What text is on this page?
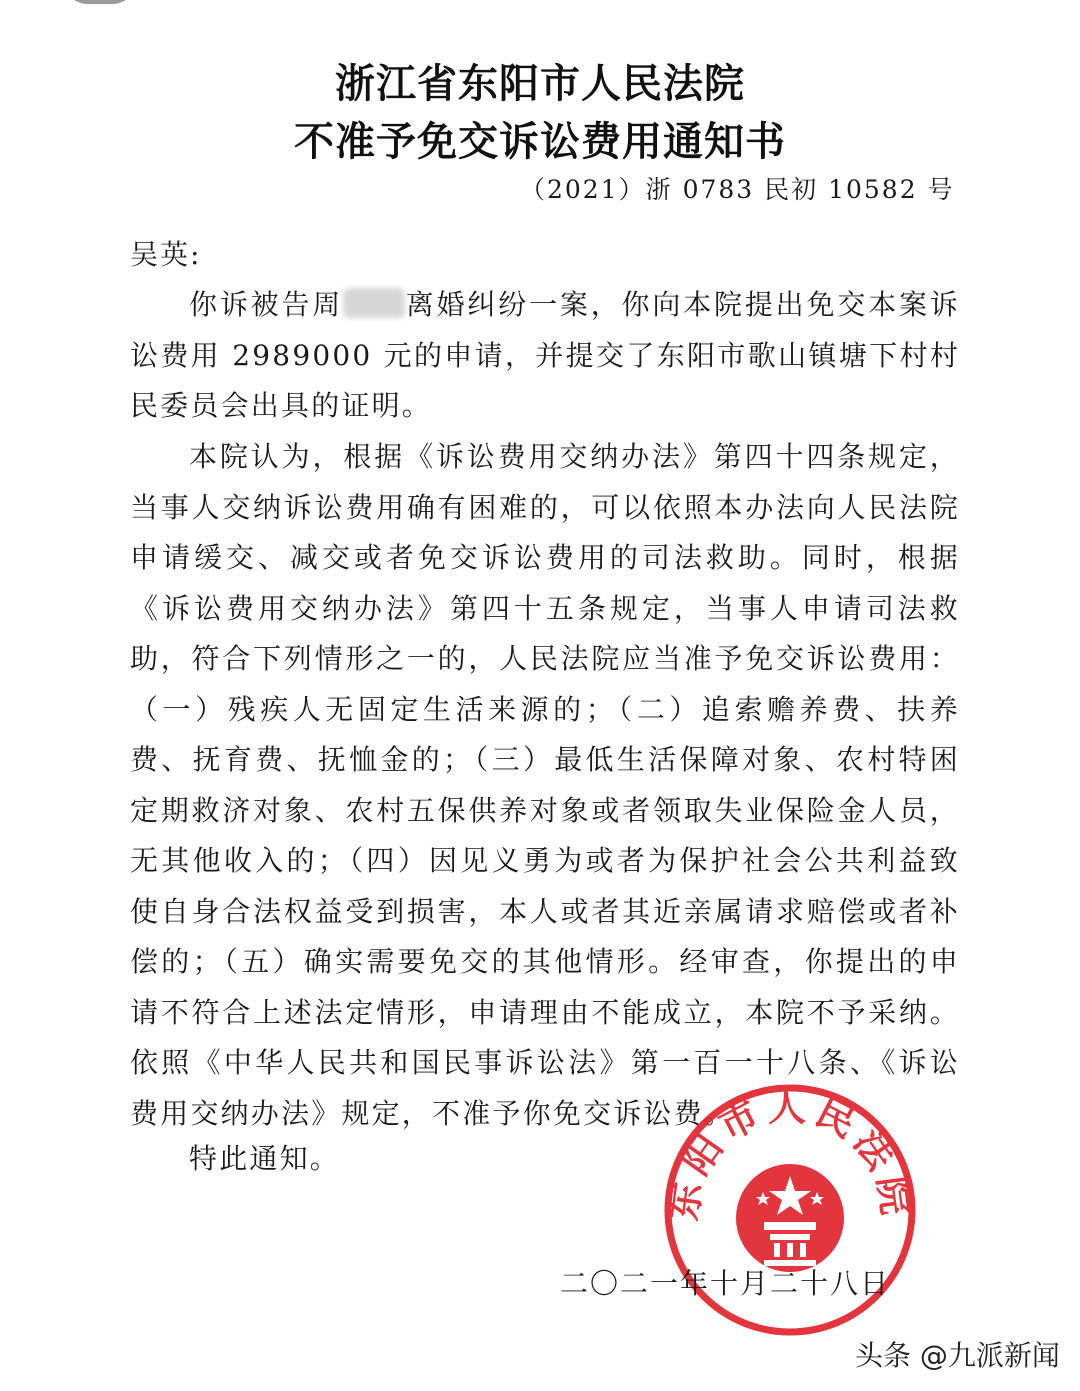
浙江省东阳市人民法院
不准予免交诉讼费用通知书
（2021）浙 0783 民初 10582 号
吴英:
你诉被告周 离婚纠纷一案，你向本院提出免交本案诉讼费用 2989000 元的申请，并提交了东阳市歌山镇塘下村村民委员会出具的证明。
本院认为，根据《诉讼费用交纳办法》第四十四条规定，当事人交纳诉讼费用确有困难的，可以依照本办法向人民法院申请缓交、减交或者免交诉讼费用的司法救助。同时，根据《诉讼费用交纳办法》第四十五条规定，当事人申请司法救助，符合下列情形之一的，人民法院应当准予免交诉讼费用：（一）残疾人无固定生活来源的；（二）追索赡养费、扶养费、抚育费、抚恤金的；（三）最低生活保障对象、农村特困定期救济对象、农村五保供养对象或者领取失业保险金人员，无其他收入的；（四）因见义勇为或者为保护社会公共利益致使自身合法权益受到损害，本人或者其近亲属请求赔偿或者补偿的；（五）确实需要免交的其他情形。经审查，你提出的申请不符合上述法定情形，申请理由不能成立，本院不予采纳。依照《中华人民共和国民事诉讼法》第一百一十八条、《诉讼费用交纳办法》规定，不准予你免交诉讼费。
特此通知。
东阳市人民法院
二〇二一年十月二十八日
头条 @九派新闻
